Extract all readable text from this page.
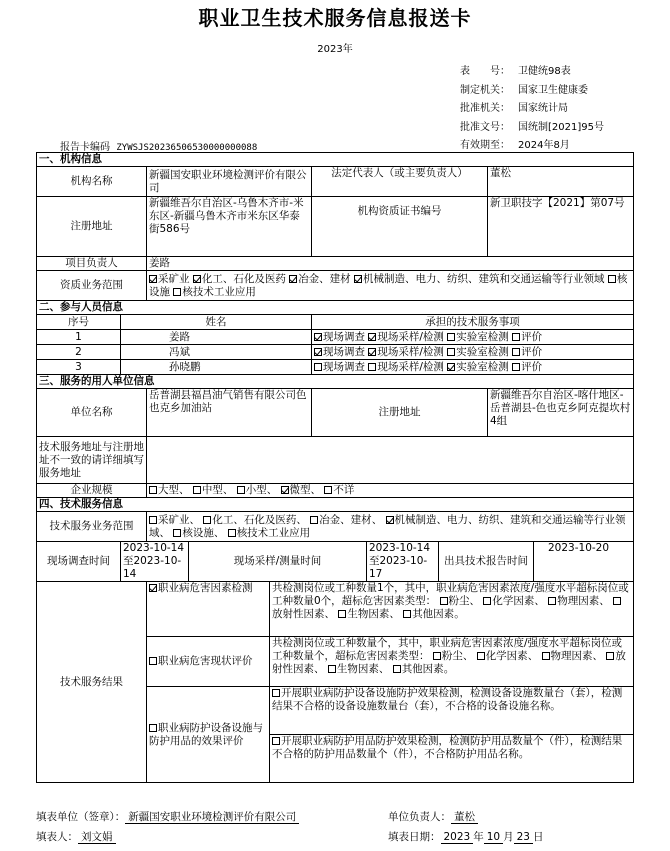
职业卫生技术服务信息报送卡
2023年
表　　号： 卫健统98表
制定机关： 国家卫生健康委
批准机关： 国家统计局
批准文号： 国统制[2021]95号
有效期至： 2024年8月
报告卡编码 ZYWSJS20236506530000000088
一、机构信息									
机构名称		新疆国安职业环境检测评价有限公司			法定代表人（或主要负责人）			董松	
注册地址		新疆维吾尔自治区-乌鲁木齐市-米东区-新疆乌鲁木齐市米东区华泰街586号			机构资质证书编号			新卫职技字【2021】第07号	
项目负责人		姜路							
资质业务范围		采矿业 化工、石化及医药 冶金、建材 机械制造、电力、纺织、建筑和交通运输等行业领域 核设施 核技术工业应用							
二、参与人员信息									
序号	姓名				承担的技术服务事项				
1	姜路				现场调查 现场采样/检测 实验室检测 评价				
2	冯斌				现场调查 现场采样/检测 实验室检测 评价				
3	孙晓鹏				现场调查 现场采样/检测 实验室检测 评价				
三、服务的用人单位信息									
单位名称		岳普湖县福昌油气销售有限公司色也克乡加油站			注册地址			新疆维吾尔自治区-喀什地区-岳普湖县-色也克乡阿克提坎村4组	
技术服务地址与注册地址不一致的请详细填写服务地址									
企业规模		大型、 中型、 小型、 微型、 不详							
四、技术服务信息									
技术服务业务范围		采矿业、 化工、石化及医药、 冶金、建材、 机械制造、电力、纺织、建筑和交通运输等行业领域、 核设施、 核技术工业应用							
现场调查时间	2023-10-14至2023-10-14		现场采样/测量时间			2023-10-14至2023-10-17	出具技术报告时间		2023-10-20
技术服务结果		职业病危害因素检测		共检测岗位或工种数量1个，其中，职业病危害因素浓度/强度水平超标岗位或工种数量0个，超标危害因素类型： 粉尘、 化学因素、 物理因素、 放射性因素、 生物因素、 其他因素。					
		职业病危害现状评价		共检测岗位或工种数量个，其中，职业病危害因素浓度/强度水平超标岗位或工种数量个，超标危害因素类型： 粉尘、 化学因素、 物理因素、 放射性因素、 生物因素、 其他因素。					
		职业病防护设备设施与防护用品的效果评价		开展职业病防护设备设施防护效果检测，检测设备设施数量台（套），检测结果不合格的设备设施数量台（套），不合格的设备设施名称。					
				开展职业病防护用品防护效果检测，检测防护用品数量个（件），检测结果不合格的防护用品数量个（件），不合格防护用品名称。					
填表单位（签章）： 新疆国安职业环境检测评价有限公司	单位负责人： 董松
填表人： 刘文娟	填表日期： 2023 年 10 月 23 日
